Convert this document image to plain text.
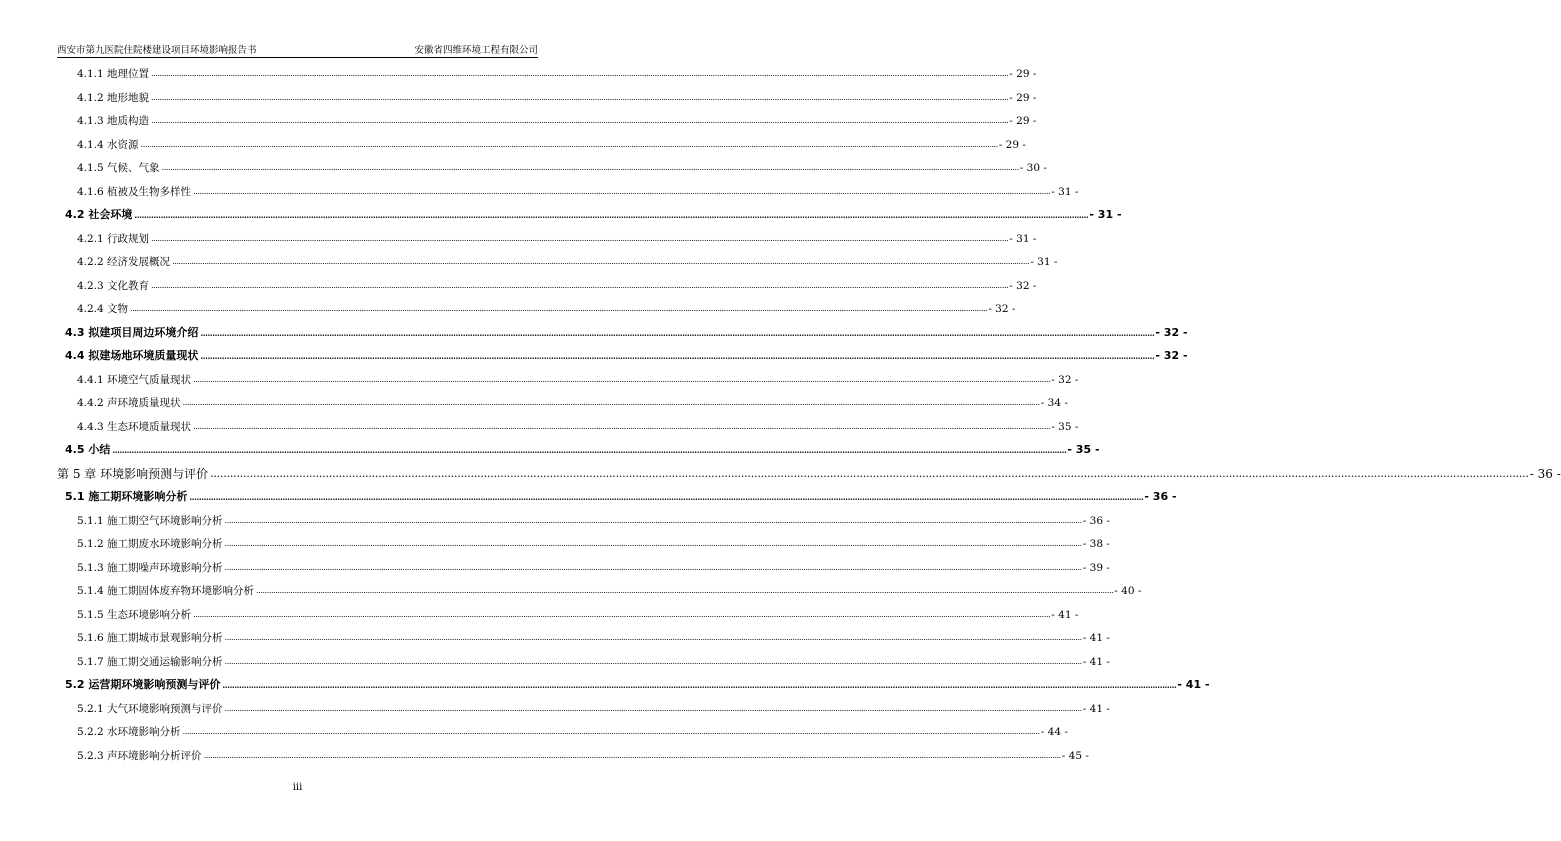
西安市第九医院住院楼建设项目环境影响报告书	安徽省四维环境工程有限公司
4.1.1 地理位置 ................................................................................................................................................................................................................................................................................................................................................................................................................ - 29 -
4.1.2 地形地貌 ................................................................................................................................................................................................................................................................................................................................................................................................................ - 29 -
4.1.3 地质构造 ................................................................................................................................................................................................................................................................................................................................................................................................................ - 29 -
4.1.4 水资源 ................................................................................................................................................................................................................................................................................................................................................................................................................ - 29 -
4.1.5 气候、气象 ................................................................................................................................................................................................................................................................................................................................................................................................................ - 30 -
4.1.6 植被及生物多样性 ................................................................................................................................................................................................................................................................................................................................................................................................................ - 31 -
4.2 社会环境 ................................................................................................................................................................................................................................................................................................................................................................................................................ - 31 -
4.2.1 行政规划 ................................................................................................................................................................................................................................................................................................................................................................................................................ - 31 -
4.2.2 经济发展概况 ................................................................................................................................................................................................................................................................................................................................................................................................................ - 31 -
4.2.3 文化教育 ................................................................................................................................................................................................................................................................................................................................................................................................................ - 32 -
4.2.4 文物 ................................................................................................................................................................................................................................................................................................................................................................................................................ - 32 -
4.3 拟建项目周边环境介绍 ................................................................................................................................................................................................................................................................................................................................................................................................................ - 32 -
4.4 拟建场地环境质量现状 ................................................................................................................................................................................................................................................................................................................................................................................................................ - 32 -
4.4.1 环境空气质量现状 ................................................................................................................................................................................................................................................................................................................................................................................................................ - 32 -
4.4.2 声环境质量现状 ................................................................................................................................................................................................................................................................................................................................................................................................................ - 34 -
4.4.3 生态环境质量现状 ................................................................................................................................................................................................................................................................................................................................................................................................................ - 35 -
4.5 小结 ................................................................................................................................................................................................................................................................................................................................................................................................................ - 35 -
第 5 章 环境影响预测与评价 ................................................................................................................................................................................................................................................................................................................................................................................................................ - 36 -
5.1 施工期环境影响分析 ................................................................................................................................................................................................................................................................................................................................................................................................................ - 36 -
5.1.1 施工期空气环境影响分析 ................................................................................................................................................................................................................................................................................................................................................................................................................ - 36 -
5.1.2 施工期废水环境影响分析 ................................................................................................................................................................................................................................................................................................................................................................................................................ - 38 -
5.1.3 施工期噪声环境影响分析 ................................................................................................................................................................................................................................................................................................................................................................................................................ - 39 -
5.1.4 施工期固体废弃物环境影响分析 ................................................................................................................................................................................................................................................................................................................................................................................................................ - 40 -
5.1.5 生态环境影响分析 ................................................................................................................................................................................................................................................................................................................................................................................................................ - 41 -
5.1.6 施工期城市景观影响分析 ................................................................................................................................................................................................................................................................................................................................................................................................................ - 41 -
5.1.7 施工期交通运输影响分析 ................................................................................................................................................................................................................................................................................................................................................................................................................ - 41 -
5.2 运营期环境影响预测与评价 ................................................................................................................................................................................................................................................................................................................................................................................................................ - 41 -
5.2.1 大气环境影响预测与评价 ................................................................................................................................................................................................................................................................................................................................................................................................................ - 41 -
5.2.2 水环境影响分析 ................................................................................................................................................................................................................................................................................................................................................................................................................ - 44 -
5.2.3 声环境影响分析评价 ................................................................................................................................................................................................................................................................................................................................................................................................................ - 45 -
iii
